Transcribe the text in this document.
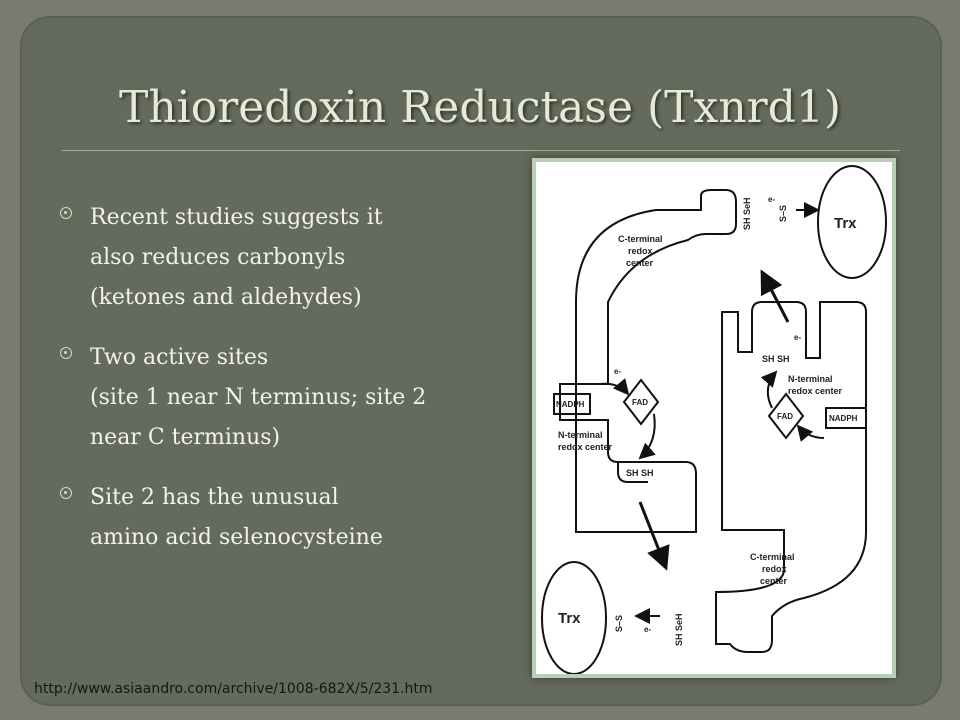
Thioredoxin Reductase (Txnrd1)
Recent studies suggests it
also reduces carbonyls
(ketones and aldehydes)
Two active sites
(site 1 near N terminus; site 2
near C terminus)
Site 2 has the unusual
amino acid selenocysteine
Trx
C-terminal redox center
SH SeH	S–S
e-
SH SH
N-terminal redox center
FAD	NADPH
e-
NADPH	FAD
N-terminal redox center
SH SH
e-
Trx
C-terminal redox center
SH SeH
S–S	e-
http://www.asiaandro.com/archive/1008-682X/5/231.htm
